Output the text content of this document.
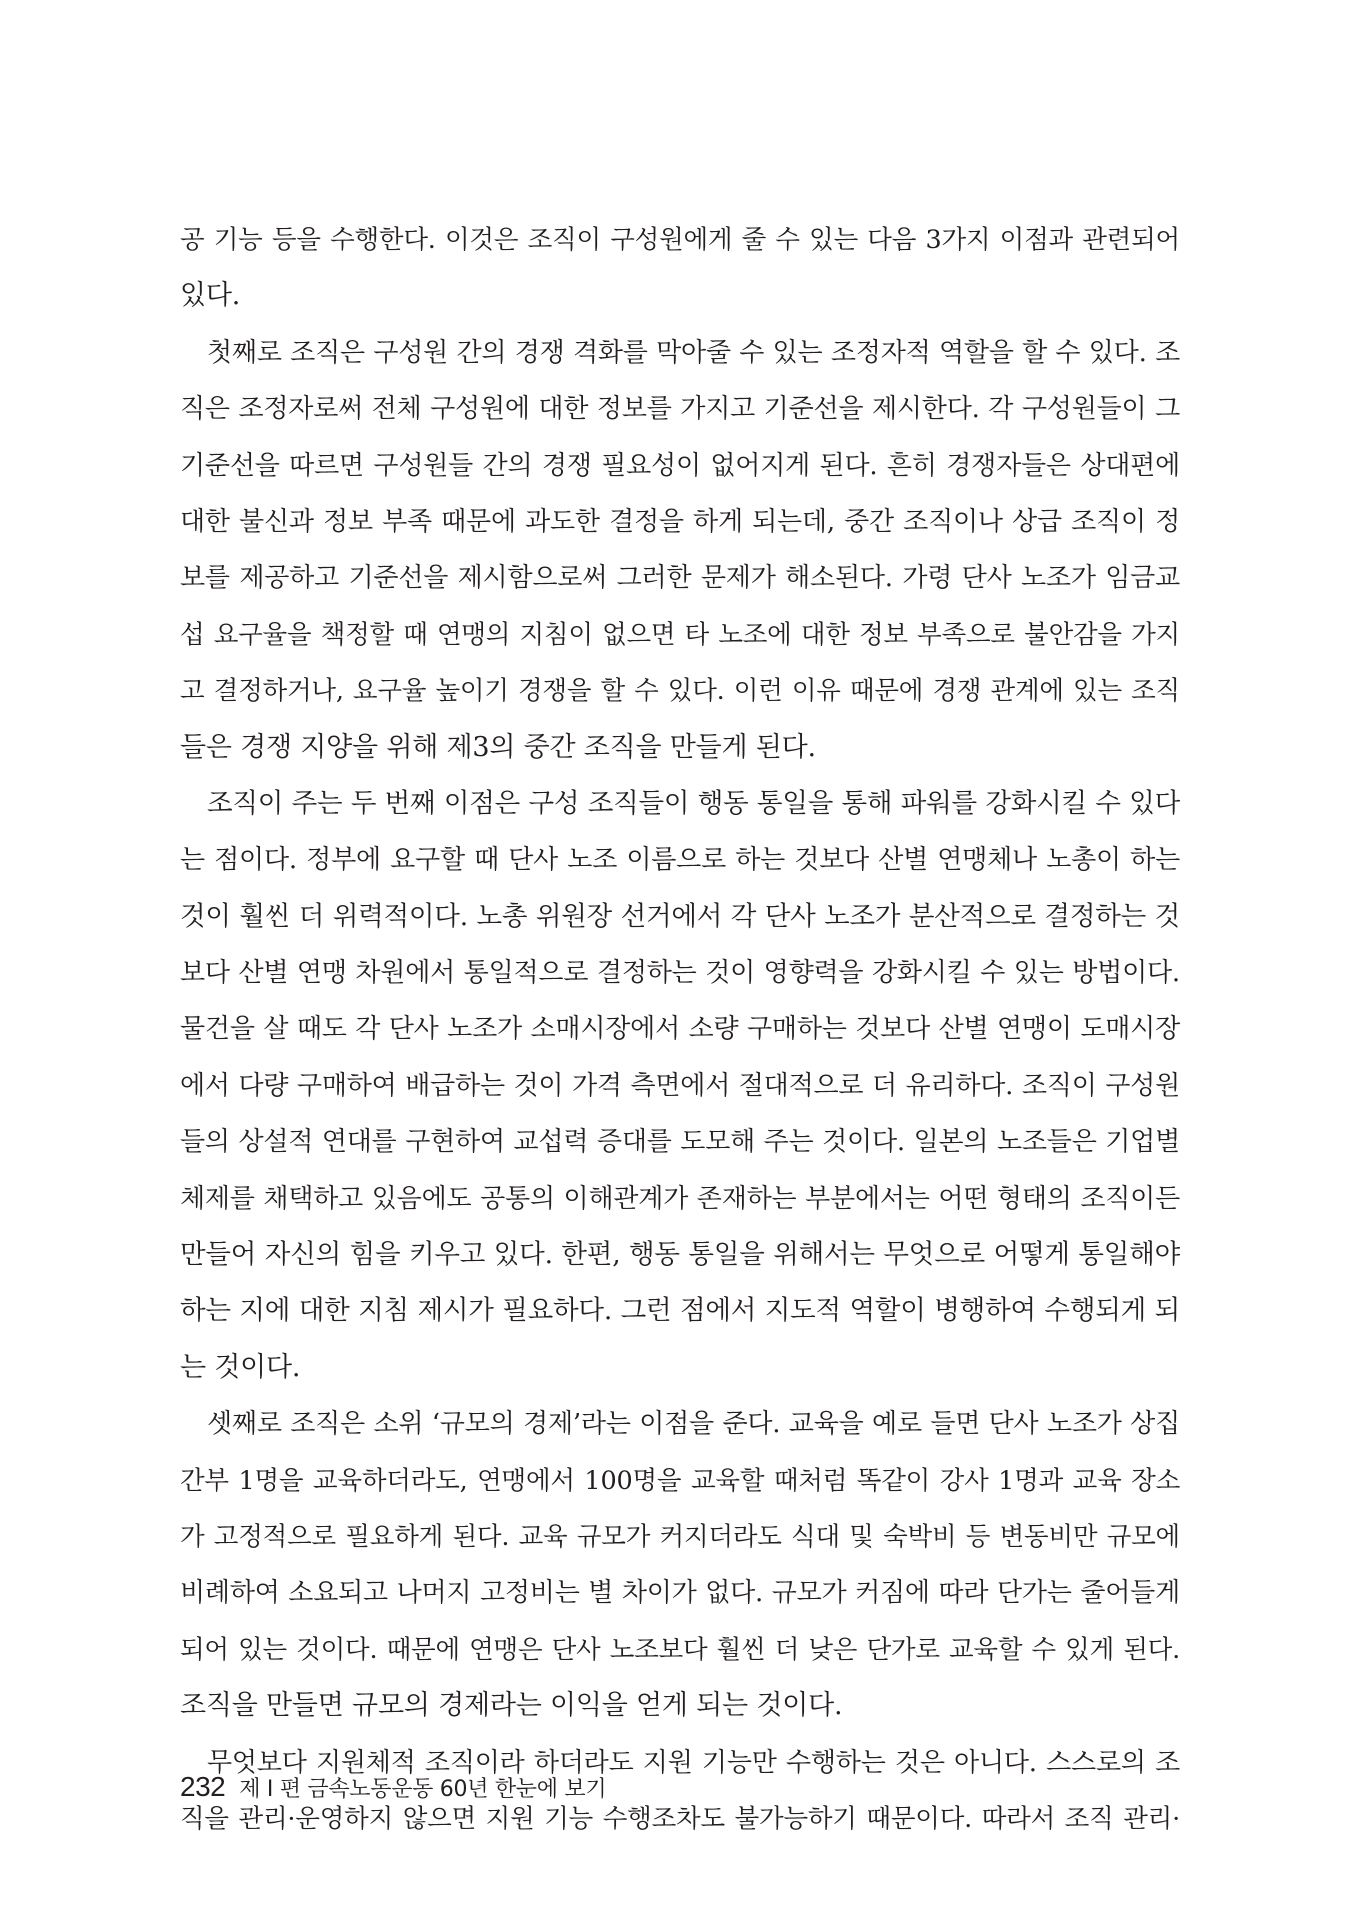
공 기능 등을 수행한다. 이것은 조직이 구성원에게 줄 수 있는 다음 3가지 이점과 관련되어
있다.
첫째로 조직은 구성원 간의 경쟁 격화를 막아줄 수 있는 조정자적 역할을 할 수 있다. 조
직은 조정자로써 전체 구성원에 대한 정보를 가지고 기준선을 제시한다. 각 구성원들이 그
기준선을 따르면 구성원들 간의 경쟁 필요성이 없어지게 된다. 흔히 경쟁자들은 상대편에
대한 불신과 정보 부족 때문에 과도한 결정을 하게 되는데, 중간 조직이나 상급 조직이 정
보를 제공하고 기준선을 제시함으로써 그러한 문제가 해소된다. 가령 단사 노조가 임금교
섭 요구율을 책정할 때 연맹의 지침이 없으면 타 노조에 대한 정보 부족으로 불안감을 가지
고 결정하거나, 요구율 높이기 경쟁을 할 수 있다. 이런 이유 때문에 경쟁 관계에 있는 조직
들은 경쟁 지양을 위해 제3의 중간 조직을 만들게 된다.
조직이 주는 두 번째 이점은 구성 조직들이 행동 통일을 통해 파워를 강화시킬 수 있다
는 점이다. 정부에 요구할 때 단사 노조 이름으로 하는 것보다 산별 연맹체나 노총이 하는
것이 훨씬 더 위력적이다. 노총 위원장 선거에서 각 단사 노조가 분산적으로 결정하는 것
보다 산별 연맹 차원에서 통일적으로 결정하는 것이 영향력을 강화시킬 수 있는 방법이다.
물건을 살 때도 각 단사 노조가 소매시장에서 소량 구매하는 것보다 산별 연맹이 도매시장
에서 다량 구매하여 배급하는 것이 가격 측면에서 절대적으로 더 유리하다. 조직이 구성원
들의 상설적 연대를 구현하여 교섭력 증대를 도모해 주는 것이다. 일본의 노조들은 기업별
체제를 채택하고 있음에도 공통의 이해관계가 존재하는 부분에서는 어떤 형태의 조직이든
만들어 자신의 힘을 키우고 있다. 한편, 행동 통일을 위해서는 무엇으로 어떻게 통일해야
하는 지에 대한 지침 제시가 필요하다. 그런 점에서 지도적 역할이 병행하여 수행되게 되
는 것이다.
셋째로 조직은 소위 ‘규모의 경제’라는 이점을 준다. 교육을 예로 들면 단사 노조가 상집
간부 1명을 교육하더라도, 연맹에서 100명을 교육할 때처럼 똑같이 강사 1명과 교육 장소
가 고정적으로 필요하게 된다. 교육 규모가 커지더라도 식대 및 숙박비 등 변동비만 규모에
비례하여 소요되고 나머지 고정비는 별 차이가 없다. 규모가 커짐에 따라 단가는 줄어들게
되어 있는 것이다. 때문에 연맹은 단사 노조보다 훨씬 더 낮은 단가로 교육할 수 있게 된다.
조직을 만들면 규모의 경제라는 이익을 얻게 되는 것이다.
무엇보다 지원체적 조직이라 하더라도 지원 기능만 수행하는 것은 아니다. 스스로의 조
직을 관리·운영하지 않으면 지원 기능 수행조차도 불가능하기 때문이다. 따라서 조직 관리·
232 제 I 편 금속노동운동 60년 한눈에 보기
